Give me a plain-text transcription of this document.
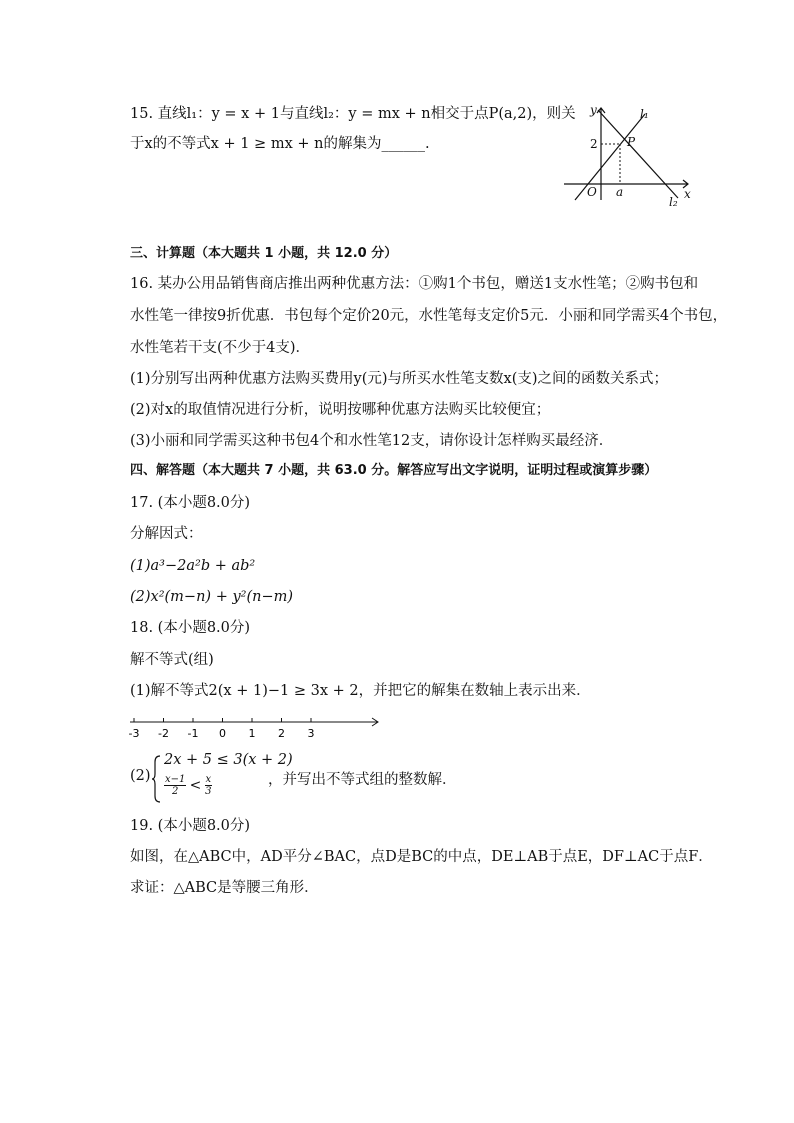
15. 直线l₁：y = x + 1与直线l₂：y = mx + n相交于点P(a,2)，则关
于x的不等式x + 1 ≥ mx + n的解集为______.
y
x
l₁
l₂
P
a
O
2
三、计算题（本大题共 1 小题，共 12.0 分）
16. 某办公用品销售商店推出两种优惠方法：①购1个书包，赠送1支水性笔；②购书包和
水性笔一律按9折优惠．书包每个定价20元，水性笔每支定价5元．小丽和同学需买4个书包，
水性笔若干支(不少于4支)．
(1)分别写出两种优惠方法购买费用y(元)与所买水性笔支数x(支)之间的函数关系式；
(2)对x的取值情况进行分析，说明按哪种优惠方法购买比较便宜；
(3)小丽和同学需买这种书包4个和水性笔12支，请你设计怎样购买最经济．
四、解答题（本大题共 7 小题，共 63.0 分。解答应写出文字说明，证明过程或演算步骤）
17. (本小题8.0分)
分解因式：
(1)a³−2a²b + ab²
(2)x²(m−n) + y²(n−m)
18. (本小题8.0分)
解不等式(组)
(1)解不等式2(x + 1)−1 ≥ 3x + 2，并把它的解集在数轴上表示出来．
-3 -2 -1 0 1 2 3
(2)
2x + 5 ≤ 3(x + 2)
$\frac{x-1}{2} < \frac{x}{3}$	，并写出不等式组的整数解．
19. (本小题8.0分)
如图，在△ABC中，AD平分∠BAC，点D是BC的中点，DE⊥AB于点E，DF⊥AC于点F．
求证：△ABC是等腰三角形．
